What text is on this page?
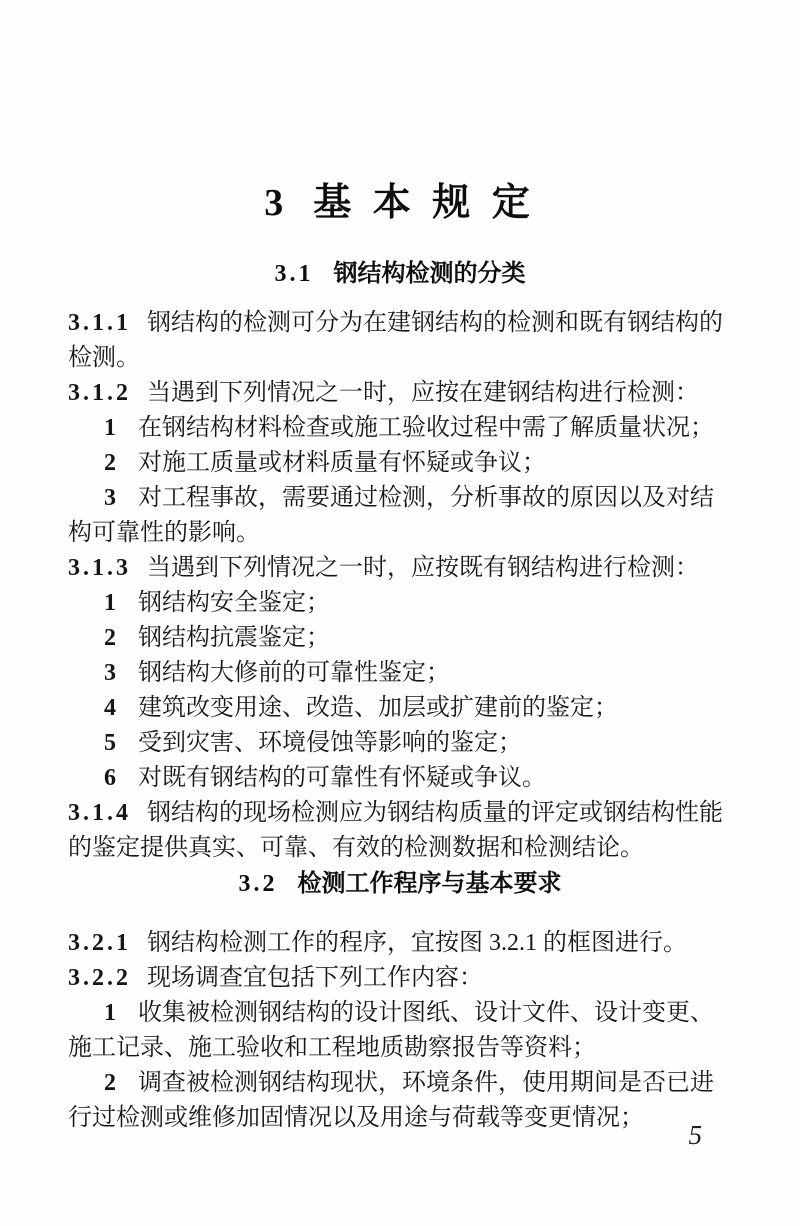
3 基 本 规 定
3.1 钢结构检测的分类
3.1.1 钢结构的检测可分为在建钢结构的检测和既有钢结构的
检测。
3.1.2 当遇到下列情况之一时，应按在建钢结构进行检测：
1 在钢结构材料检查或施工验收过程中需了解质量状况；
2 对施工质量或材料质量有怀疑或争议；
3 对工程事故，需要通过检测，分析事故的原因以及对结
构可靠性的影响。
3.1.3 当遇到下列情况之一时，应按既有钢结构进行检测：
1 钢结构安全鉴定；
2 钢结构抗震鉴定；
3 钢结构大修前的可靠性鉴定；
4 建筑改变用途、改造、加层或扩建前的鉴定；
5 受到灾害、环境侵蚀等影响的鉴定；
6 对既有钢结构的可靠性有怀疑或争议。
3.1.4 钢结构的现场检测应为钢结构质量的评定或钢结构性能
的鉴定提供真实、可靠、有效的检测数据和检测结论。
3.2 检测工作程序与基本要求
3.2.1 钢结构检测工作的程序，宜按图 3.2.1 的框图进行。
3.2.2 现场调查宜包括下列工作内容：
1 收集被检测钢结构的设计图纸、设计文件、设计变更、
施工记录、施工验收和工程地质勘察报告等资料；
2 调查被检测钢结构现状，环境条件，使用期间是否已进
行过检测或维修加固情况以及用途与荷载等变更情况；
5
